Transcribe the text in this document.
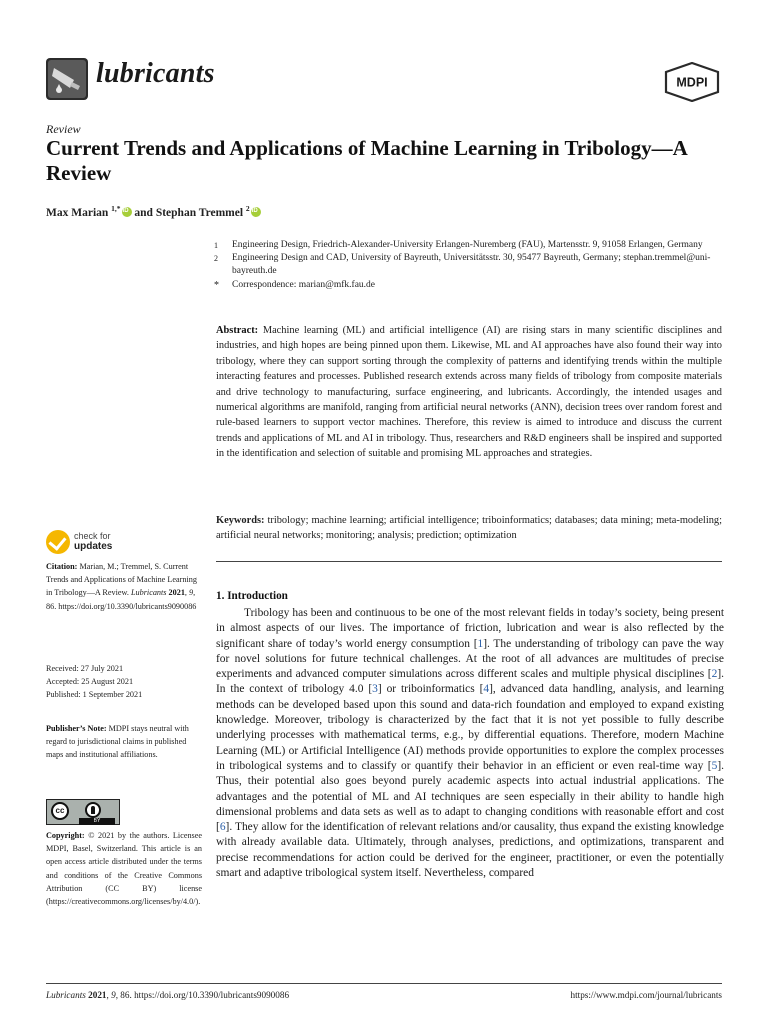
lubricants	MDPI
Review
Current Trends and Applications of Machine Learning in Tribology—A Review
Max Marian $^{1,*}$iD and Stephan Tremmel $^2$iD
1	Engineering Design, Friedrich-Alexander-University Erlangen-Nuremberg (FAU), Martensstr. 9, 91058 Erlangen, Germany
2	Engineering Design and CAD, University of Bayreuth, Universitätsstr. 30, 95477 Bayreuth, Germany; stephan.tremmel@uni-bayreuth.de
*	Correspondence: marian@mfk.fau.de
Abstract: Machine learning (ML) and artificial intelligence (AI) are rising stars in many scientific disciplines and industries, and high hopes are being pinned upon them. Likewise, ML and AI approaches have also found their way into tribology, where they can support sorting through the complexity of patterns and identifying trends within the multiple interacting features and processes. Published research extends across many fields of tribology from composite materials and drive technology to manufacturing, surface engineering, and lubricants. Accordingly, the intended usages and numerical algorithms are manifold, ranging from artificial neural networks (ANN), decision trees over random forest and rule-based learners to support vector machines. Therefore, this review is aimed to introduce and discuss the current trends and applications of ML and AI in tribology. Thus, researchers and R&D engineers shall be inspired and supported in the identification and selection of suitable and promising ML approaches and strategies.
Keywords: tribology; machine learning; artificial intelligence; triboinformatics; databases; data mining; meta-modeling; artificial neural networks; monitoring; analysis; prediction; optimization
check for
updates
Citation: Marian, M.; Tremmel, S. Current Trends and Applications of Machine Learning in Tribology—A Review. Lubricants 2021, 9, 86. https://doi.org/10.3390/lubricants9090086
Received: 27 July 2021
Accepted: 25 August 2021
Published: 1 September 2021
Publisher’s Note: MDPI stays neutral with regard to jurisdictional claims in published maps and institutional affiliations.
cc
BY
Copyright: © 2021 by the authors. Licensee MDPI, Basel, Switzerland. This article is an open access article distributed under the terms and conditions of the Creative Commons Attribution (CC BY) license (https://creativecommons.org/licenses/by/4.0/).
1. Introduction

Tribology has been and continuous to be one of the most relevant fields in today’s society, being present in almost aspects of our lives. The importance of friction, lubrication and wear is also reflected by the significant share of today’s world energy consumption [1]. The understanding of tribology can pave the way for novel solutions for future technical challenges. At the root of all advances are multitudes of precise experiments and advanced computer simulations across different scales and multiple physical disciplines [2]. In the context of tribology 4.0 [3] or triboinformatics [4], advanced data handling, analysis, and learning methods can be developed based upon this sound and data-rich foundation and employed to expand existing knowledge. Moreover, tribology is characterized by the fact that it is not yet possible to fully describe underlying processes with mathematical terms, e.g., by differential equations. Therefore, modern Machine Learning (ML) or Artificial Intelligence (AI) methods provide opportunities to explore the complex processes in tribological systems and to classify or quantify their behavior in an efficient or even real-time way [5]. Thus, their potential also goes beyond purely academic aspects into actual industrial applications. The advantages and the potential of ML and AI techniques are seen especially in their ability to handle high dimensional problems and data sets as well as to adapt to changing conditions with reasonable effort and cost [6]. They allow for the identification of relevant relations and/or causality, thus expand the existing knowledge with already available data. Ultimately, through analyses, predictions, and optimizations, transparent and precise recommendations for action could be derived for the engineer, practitioner, or even the potentially smart and adaptive tribological system itself. Nevertheless, compared

Lubricants 2021, 9, 86. https://doi.org/10.3390/lubricants9090086	https://www.mdpi.com/journal/lubricants
